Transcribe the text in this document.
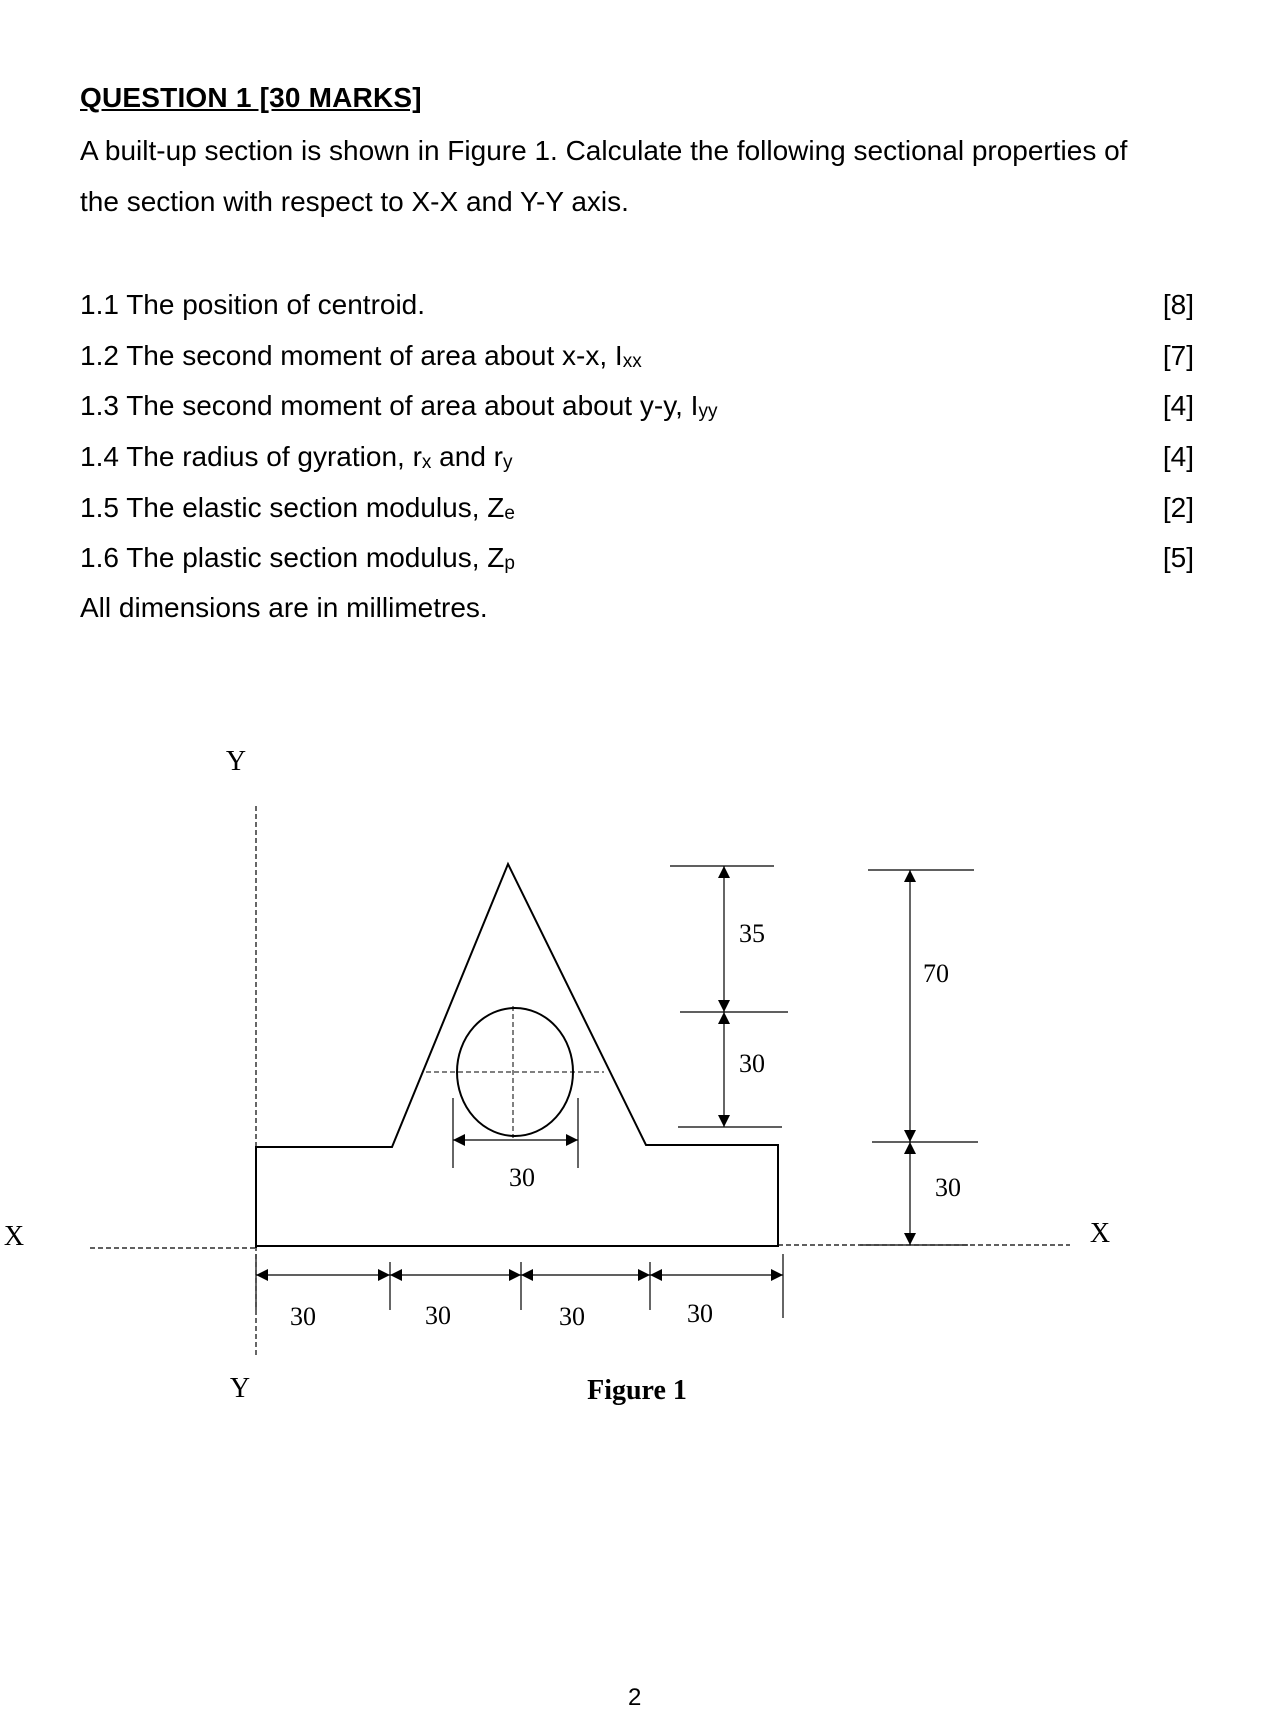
QUESTION 1 [30 MARKS]
A built-up section is shown in Figure 1. Calculate the following sectional properties of
the section with respect to X-X and Y-Y axis.
1.1 The position of centroid.	[8]
1.2 The second moment of area about x-x, Ixx	[7]
1.3 The second moment of area about about y-y, Iyy	[4]
1.4 The radius of gyration, rx and ry	[4]
1.5 The elastic section modulus, Ze	[2]
1.6 The plastic section modulus, Zp	[5]
All dimensions are in millimetres.
30
35
30
70
30
30	30	30	30
Y
Y
X	X
Figure 1
2
